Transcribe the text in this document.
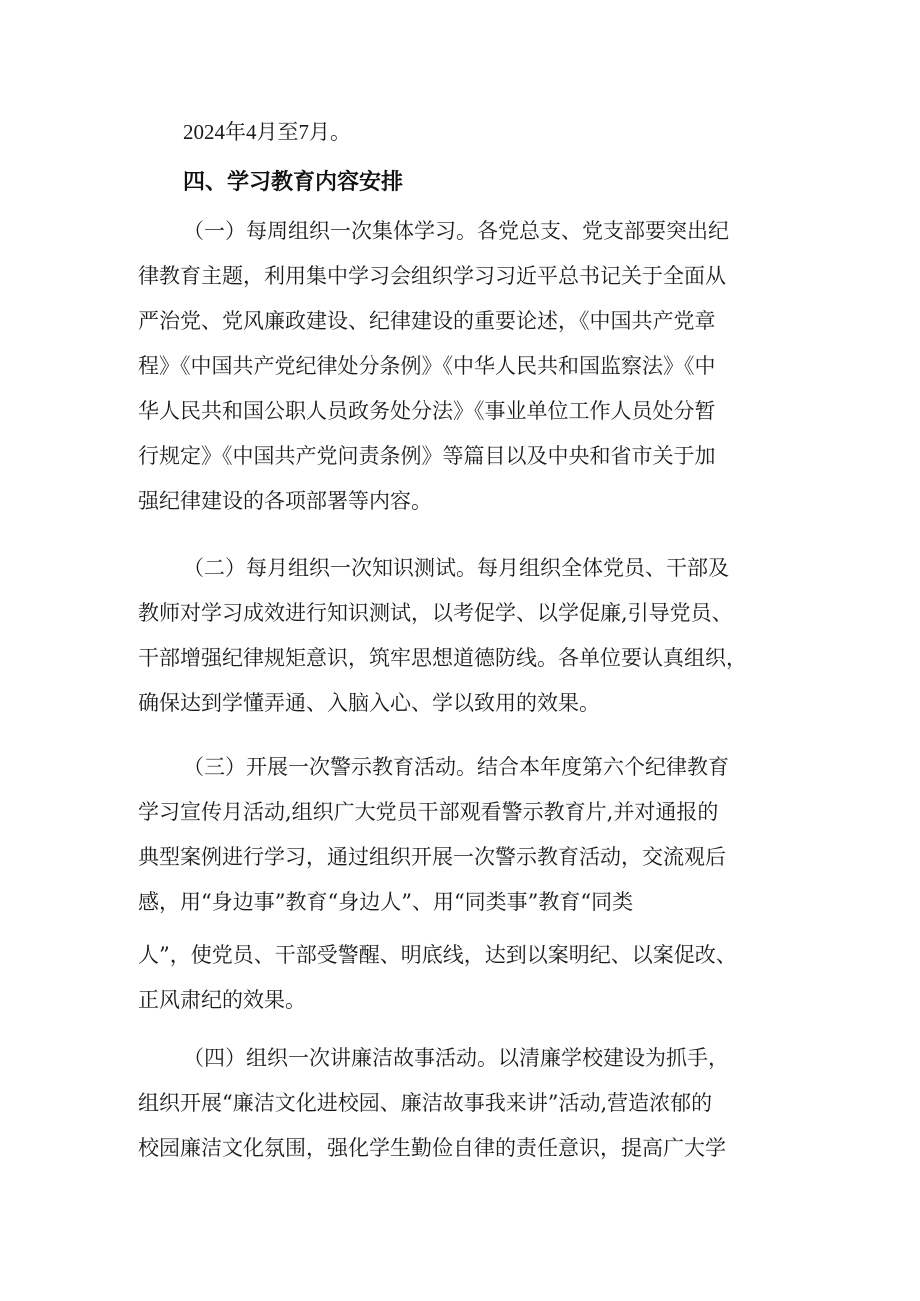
2024年4月至7月。
四、学习教育内容安排
（一）每周组织一次集体学习。各党总支、党支部要突出纪
律教育主题，利用集中学习会组织学习习近平总书记关于全面从
严治党、党风廉政建设、纪律建设的重要论述，《中国共产党章
程》《中国共产党纪律处分条例》《中华人民共和国监察法》《中
华人民共和国公职人员政务处分法》《事业单位工作人员处分暂
行规定》《中国共产党问责条例》等篇目以及中央和省市关于加
强纪律建设的各项部署等内容。
（二）每月组织一次知识测试。每月组织全体党员、干部及
教师对学习成效进行知识测试，以考促学、以学促廉,引导党员、
干部增强纪律规矩意识，筑牢思想道德防线。各单位要认真组织，
确保达到学懂弄通、入脑入心、学以致用的效果。
（三）开展一次警示教育活动。结合本年度第六个纪律教育
学习宣传月活动,组织广大党员干部观看警示教育片,并对通报的
典型案例进行学习，通过组织开展一次警示教育活动，交流观后
感，用“身边事”教育“身边人”、用“同类事”教育“同类
人”，使党员、干部受警醒、明底线，达到以案明纪、以案促改、
正风肃纪的效果。
（四）组织一次讲廉洁故事活动。以清廉学校建设为抓手，
组织开展“廉洁文化进校园、廉洁故事我来讲”活动,营造浓郁的
校园廉洁文化氛围，强化学生勤俭自律的责任意识，提高广大学
